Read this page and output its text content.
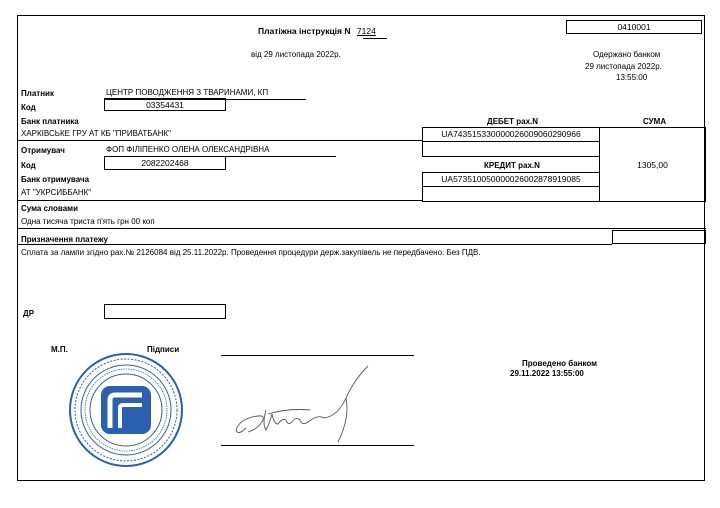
0410001
Платіжна інструкція N 7124
від 29 листопада 2022р.	Одержано банком
29 листопада 2022р.
13:55:00
Платник	ЦЕНТР ПОВОДЖЕННЯ З ТВАРИНАМИ, КП
Код	03354431
Банк платника
ХАРКІВСЬКЕ ГРУ АТ КБ "ПРИВАТБАНК"
ДЕБЕТ рах.N	СУМА
UA743515330000026009060290966
1305,00
Отримувач	ФОП ФІЛІПЕНКО ОЛЕНА ОЛЕКСАНДРІВНА
Код	2082202468	КРЕДИТ рах.N
UA573510050000026002878919085
Банк отримувача
АТ "УКРСИББАНК"
Сума словами
Одна тисяча триста п'ять грн 00 коп
Призначення платежу
Сплата за лампи згідно рах.№ 2126084 від 25.11.2022р. Проведення процедури держ.закупівель не передбачено. Без ПДВ.
ДР
М.П.	Підписи
Проведено банком
29.11.2022 13:55:00
